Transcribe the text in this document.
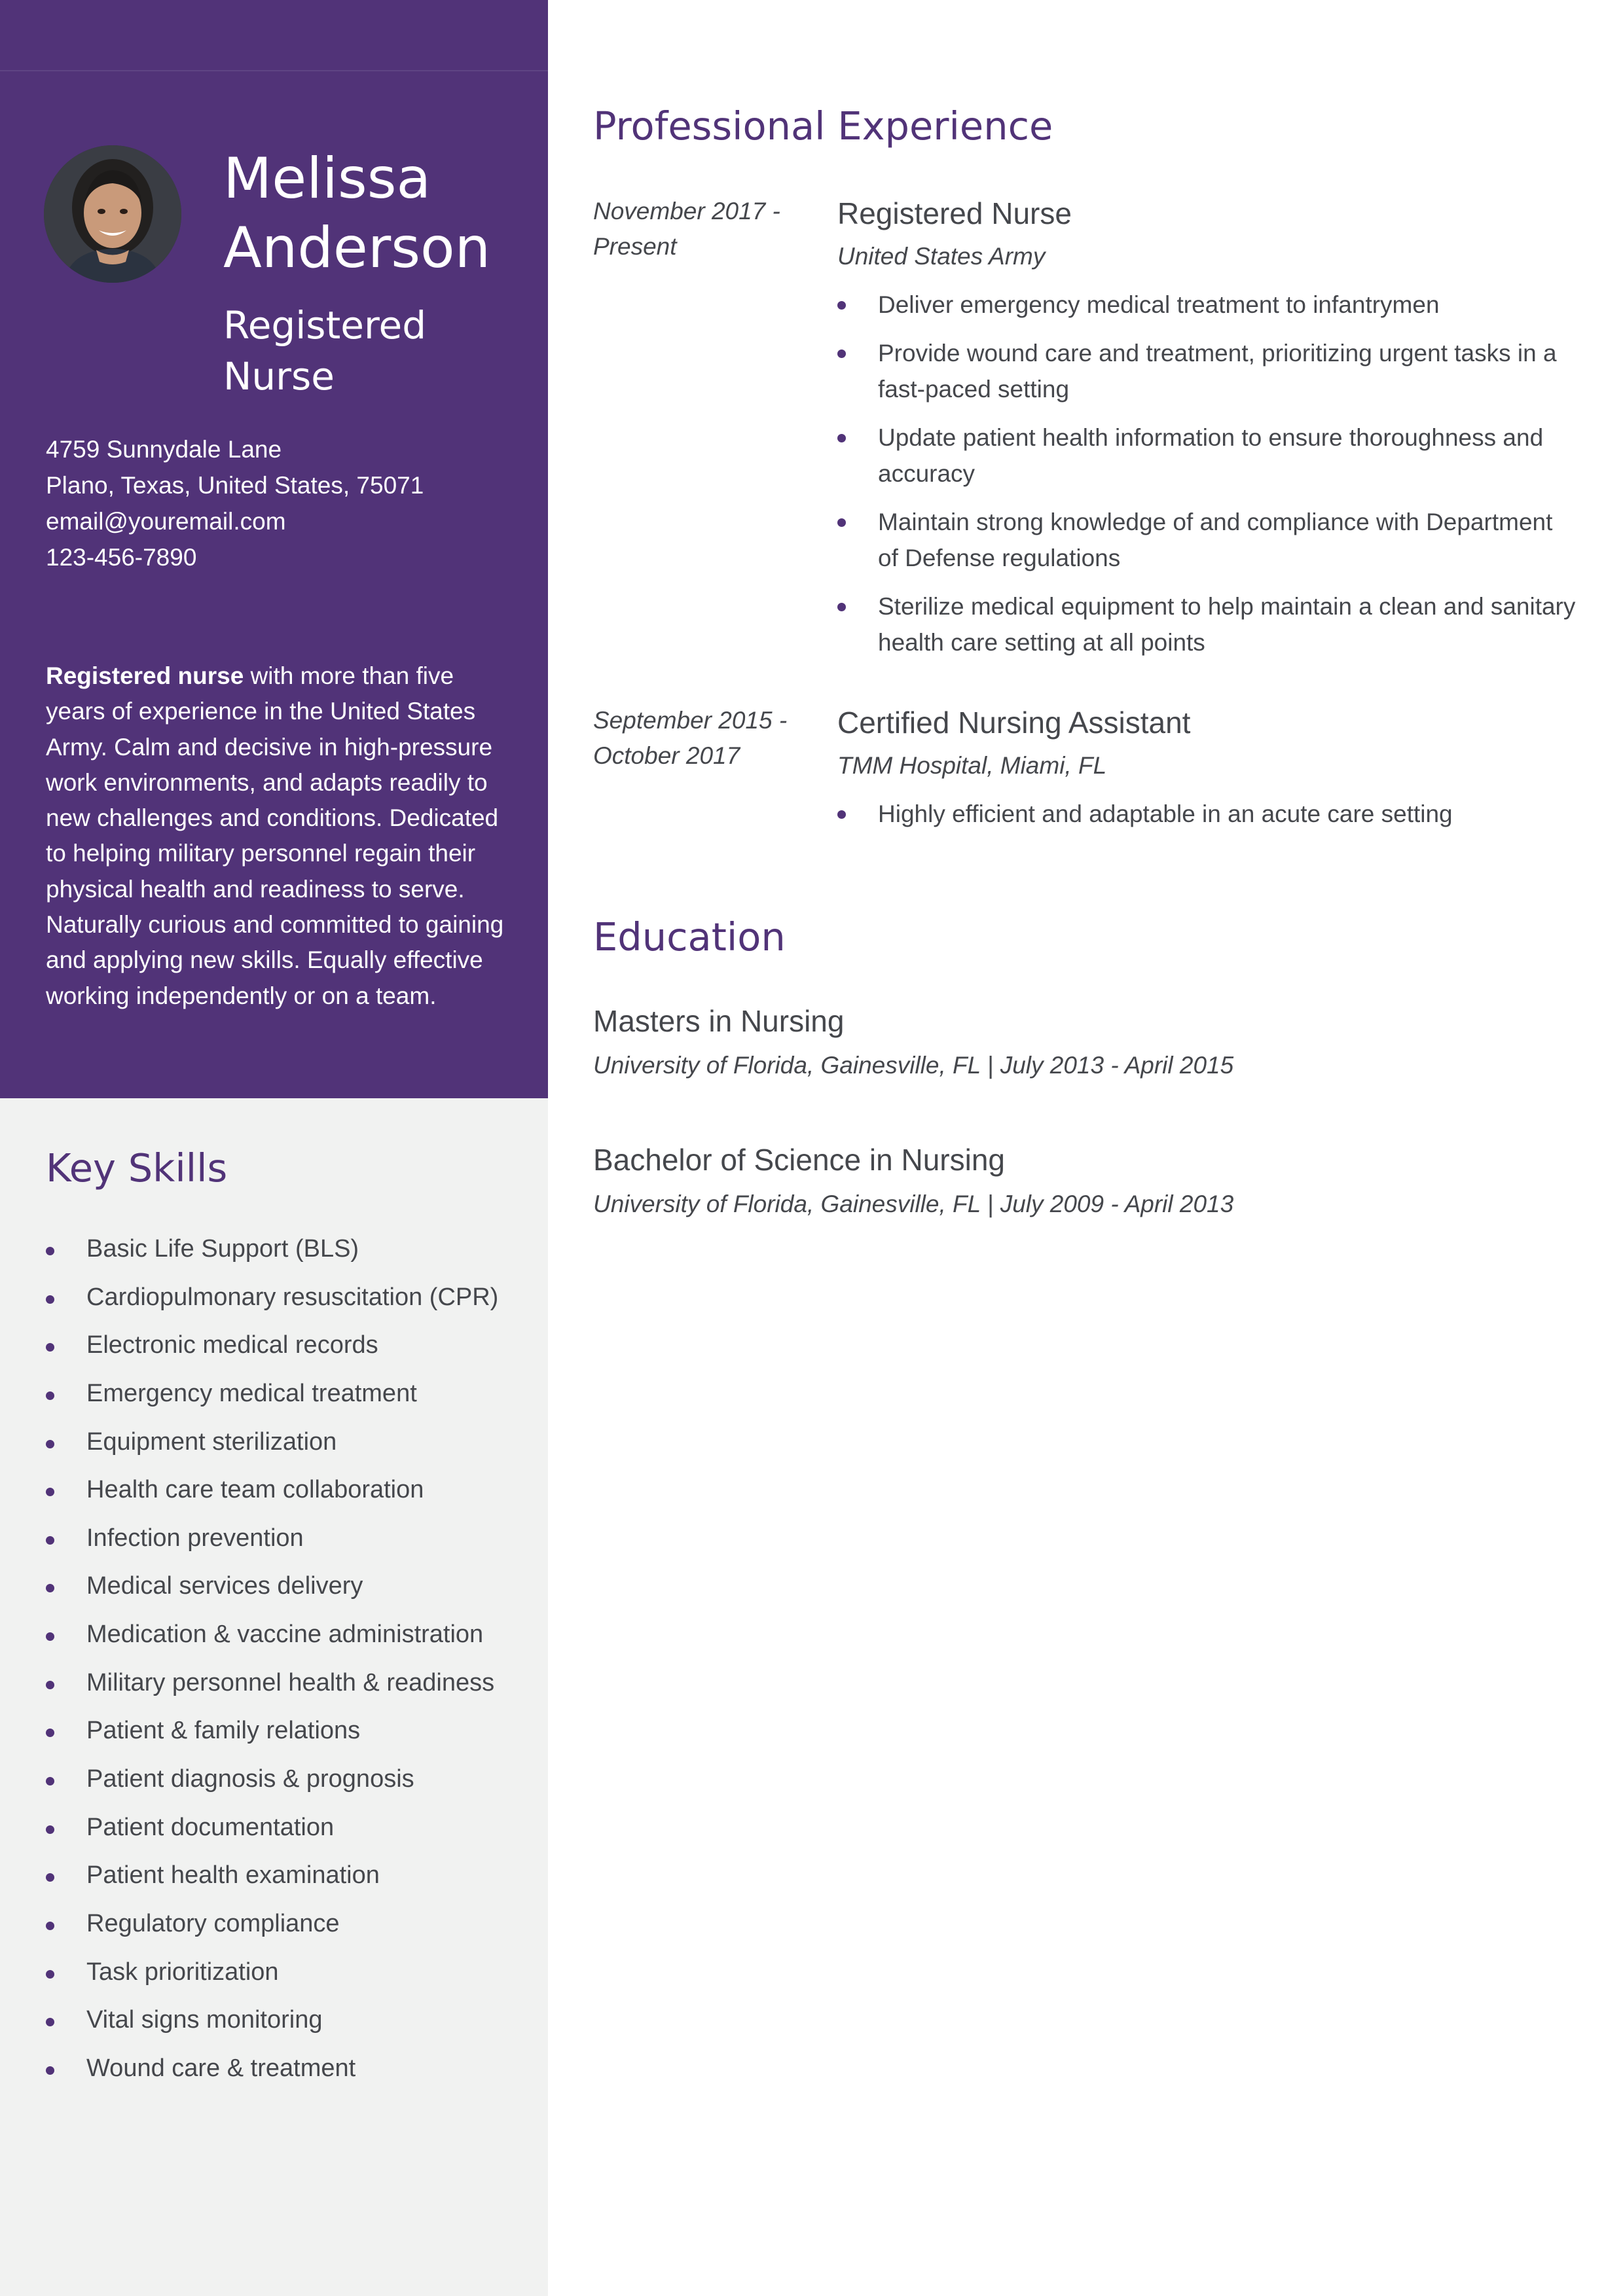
Melissa
Anderson
Registered
Nurse
4759 Sunnydale Lane
Plano, Texas, United States, 75071
email@youremail.com
123-456-7890
Registered nurse with more than five years of experience in the United States Army. Calm and decisive in high-pressure work environments, and adapts readily to new challenges and conditions. Dedicated to helping military personnel regain their physical health and readiness to serve. Naturally curious and committed to gaining and applying new skills. Equally effective working independently or on a team.
Key Skills
Basic Life Support (BLS)
Cardiopulmonary resuscitation (CPR)
Electronic medical records
Emergency medical treatment
Equipment sterilization
Health care team collaboration
Infection prevention
Medical services delivery
Medication & vaccine administration
Military personnel health & readiness
Patient & family relations
Patient diagnosis & prognosis
Patient documentation
Patient health examination
Regulatory compliance
Task prioritization
Vital signs monitoring
Wound care & treatment
Professional Experience
November 2017 -
Present
Registered Nurse
United States Army
Deliver emergency medical treatment to infantrymen
Provide wound care and treatment, prioritizing urgent tasks in a fast-paced setting
Update patient health information to ensure thoroughness and accuracy
Maintain strong knowledge of and compliance with Department of Defense regulations
Sterilize medical equipment to help maintain a clean and sanitary health care setting at all points
September 2015 -
October 2017
Certified Nursing Assistant
TMM Hospital, Miami, FL
Highly efficient and adaptable in an acute care setting
Education
Masters in Nursing
University of Florida, Gainesville, FL | July 2013 - April 2015
Bachelor of Science in Nursing
University of Florida, Gainesville, FL | July 2009 - April 2013
